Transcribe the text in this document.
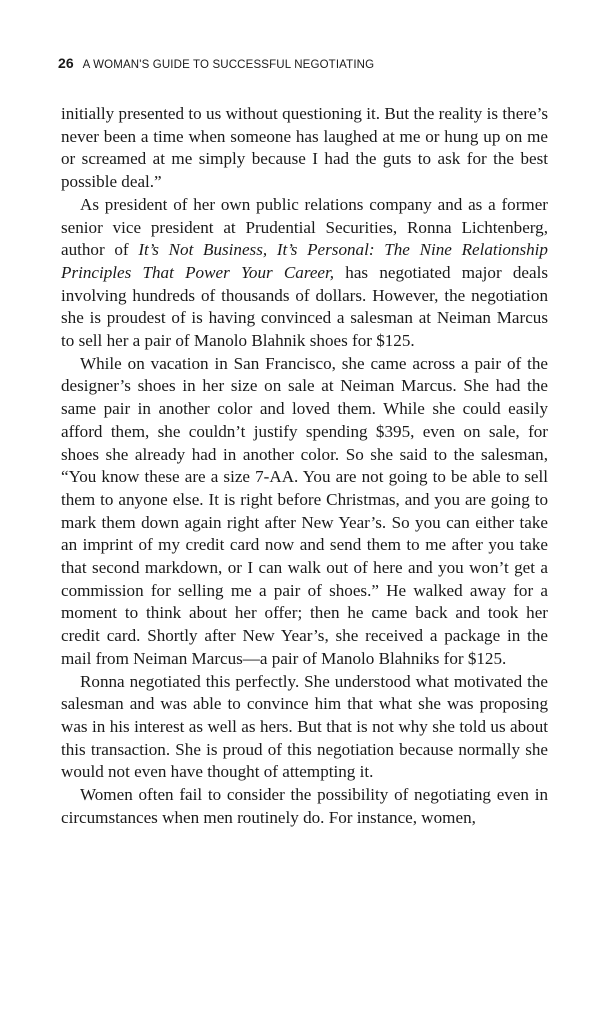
26 A WOMAN'S GUIDE TO SUCCESSFUL NEGOTIATING

initially presented to us without questioning it. But the reality is there’s never been a time when someone has laughed at me or hung up on me or screamed at me simply because I had the guts to ask for the best possible deal.”

As president of her own public relations company and as a former senior vice president at Prudential Securities, Ronna Lichtenberg, author of It’s Not Business, It’s Personal: The Nine Relationship Principles That Power Your Career, has negotiated major deals involving hundreds of thousands of dollars. However, the negotiation she is proudest of is having convinced a salesman at Neiman Marcus to sell her a pair of Manolo Blahnik shoes for $125.

While on vacation in San Francisco, she came across a pair of the designer’s shoes in her size on sale at Neiman Marcus. She had the same pair in another color and loved them. While she could easily afford them, she couldn’t justify spending $395, even on sale, for shoes she already had in another color. So she said to the salesman, “You know these are a size 7-AA. You are not going to be able to sell them to anyone else. It is right before Christmas, and you are going to mark them down again right after New Year’s. So you can either take an imprint of my credit card now and send them to me after you take that second markdown, or I can walk out of here and you won’t get a commission for selling me a pair of shoes.” He walked away for a moment to think about her offer; then he came back and took her credit card. Shortly after New Year’s, she received a package in the mail from Neiman Marcus—a pair of Manolo Blahniks for $125.

Ronna negotiated this perfectly. She understood what motivated the salesman and was able to convince him that what she was proposing was in his interest as well as hers. But that is not why she told us about this transaction. She is proud of this negotiation because normally she would not even have thought of attempting it.

Women often fail to consider the possibility of negotiating even in circumstances when men routinely do. For instance, women,
